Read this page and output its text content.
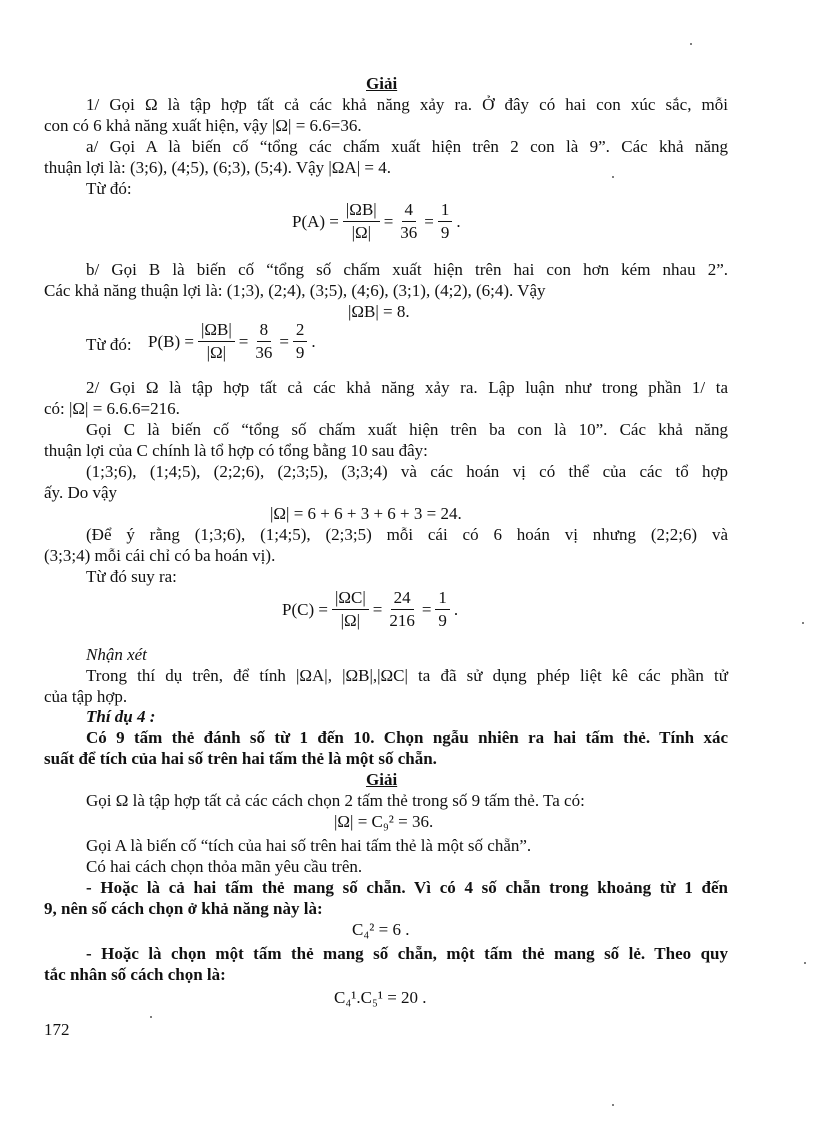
Giải
1/ Gọi Ω là tập hợp tất cả các khả năng xảy ra. Ở đây có hai con xúc sắc, mỗi
con có 6 khả năng xuất hiện, vậy |Ω| = 6.6=36.
a/ Gọi A là biến cố “tổng các chấm xuất hiện trên 2 con là 9”. Các khả năng
thuận lợi là: (3;6), (4;5), (6;3), (5;4). Vậy |ΩA| = 4.
Từ đó:
$P(A) = \frac{|\Omega B|}{|\Omega|} = \frac{4}{36} = \frac{1}{9}$ .
b/ Gọi B là biến cố “tổng số chấm xuất hiện trên hai con hơn kém nhau 2”.
Các khả năng thuận lợi là: (1;3), (2;4), (3;5), (4;6), (3;1), (4;2), (6;4). Vậy
|ΩB| = 8.
Từ đó: $P(B) = \frac{|\Omega B|}{|\Omega|} = \frac{8}{36} = \frac{2}{9}$ .
2/ Gọi Ω là tập hợp tất cả các khả năng xảy ra. Lập luận như trong phần 1/ ta
có: |Ω| = 6.6.6=216.
Gọi C là biến cố “tổng số chấm xuất hiện trên ba con là 10”. Các khả năng
thuận lợi của C chính là tổ hợp có tổng bằng 10 sau đây:
(1;3;6), (1;4;5), (2;2;6), (2;3;5), (3;3;4) và các hoán vị có thể của các tổ hợp
ấy. Do vậy
|Ω| = 6 + 6 + 3 + 6 + 3 = 24.
(Để ý rằng (1;3;6), (1;4;5), (2;3;5) mỗi cái có 6 hoán vị nhưng (2;2;6) và
(3;3;4) mỗi cái chỉ có ba hoán vị).
Từ đó suy ra:
$P(C) = \frac{|\Omega C|}{|\Omega|} = \frac{24}{216} = \frac{1}{9}$ .
Nhận xét
Trong thí dụ trên, để tính |ΩA|, |ΩB|,|ΩC| ta đã sử dụng phép liệt kê các phần tử
của tập hợp.
Thí dụ 4 :
Có 9 tấm thẻ đánh số từ 1 đến 10. Chọn ngẫu nhiên ra hai tấm thẻ. Tính xác
suất để tích của hai số trên hai tấm thẻ là một số chẵn.
Giải
Gọi Ω là tập hợp tất cả các cách chọn 2 tấm thẻ trong số 9 tấm thẻ. Ta có:
|Ω| = C₉² = 36.
Gọi A là biến cố “tích của hai số trên hai tấm thẻ là một số chẵn”.
Có hai cách chọn thỏa mãn yêu cầu trên.
- Hoặc là cả hai tấm thẻ mang số chẵn. Vì có 4 số chẵn trong khoảng từ 1 đến
9, nên số cách chọn ở khả năng này là:
C₄² = 6 .
- Hoặc là chọn một tấm thẻ mang số chẵn, một tấm thẻ mang số lẻ. Theo quy
tắc nhân số cách chọn là:
C₄¹.C₅¹ = 20 .
172
